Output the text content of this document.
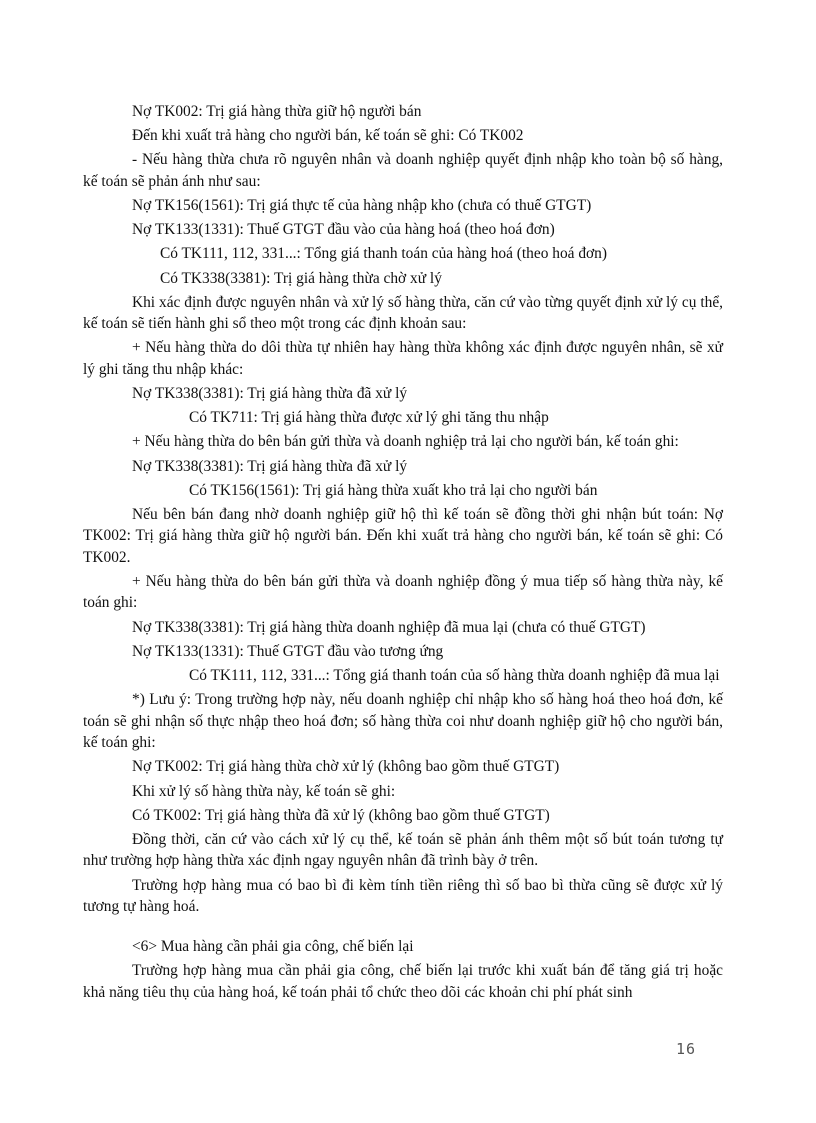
Nợ TK002: Trị giá hàng thừa giữ hộ người bán

Đến khi xuất trả hàng cho người bán, kế toán sẽ ghi: Có TK002

- Nếu hàng thừa chưa rõ nguyên nhân và doanh nghiệp quyết định nhập kho toàn bộ số hàng, kế toán sẽ phản ánh như sau:

Nợ TK156(1561): Trị giá thực tế của hàng nhập kho (chưa có thuế GTGT)

Nợ TK133(1331): Thuế GTGT đầu vào của hàng hoá (theo hoá đơn)

Có TK111, 112, 331...: Tổng giá thanh toán của hàng hoá (theo hoá đơn)

Có TK338(3381): Trị giá hàng thừa chờ xử lý

Khi xác định được nguyên nhân và xử lý số hàng thừa, căn cứ vào từng quyết định xử lý cụ thể, kế toán sẽ tiến hành ghi sổ theo một trong các định khoản sau:

+ Nếu hàng thừa do dôi thừa tự nhiên hay hàng thừa không xác định được nguyên nhân, sẽ xử lý ghi tăng thu nhập khác:

Nợ TK338(3381): Trị giá hàng thừa đã xử lý

Có TK711: Trị giá hàng thừa được xử lý ghi tăng thu nhập

+ Nếu hàng thừa do bên bán gửi thừa và doanh nghiệp trả lại cho người bán, kế toán ghi:

Nợ TK338(3381): Trị giá hàng thừa đã xử lý

Có TK156(1561): Trị giá hàng thừa xuất kho trả lại cho người bán

Nếu bên bán đang nhờ doanh nghiệp giữ hộ thì kế toán sẽ đồng thời ghi nhận bút toán: Nợ TK002: Trị giá hàng thừa giữ hộ người bán. Đến khi xuất trả hàng cho người bán, kế toán sẽ ghi: Có TK002.

+ Nếu hàng thừa do bên bán gửi thừa và doanh nghiệp đồng ý mua tiếp số hàng thừa này, kế toán ghi:

Nợ TK338(3381): Trị giá hàng thừa doanh nghiệp đã mua lại (chưa có thuế GTGT)

Nợ TK133(1331): Thuế GTGT đầu vào tương ứng

Có TK111, 112, 331...: Tổng giá thanh toán của số hàng thừa doanh nghiệp đã mua lại

*) Lưu ý: Trong trường hợp này, nếu doanh nghiệp chỉ nhập kho số hàng hoá theo hoá đơn, kế toán sẽ ghi nhận số thực nhập theo hoá đơn; số hàng thừa coi như doanh nghiệp giữ hộ cho người bán, kế toán ghi:

Nợ TK002: Trị giá hàng thừa chờ xử lý (không bao gồm thuế GTGT)

Khi xử lý số hàng thừa này, kế toán sẽ ghi:

Có TK002: Trị giá hàng thừa đã xử lý (không bao gồm thuế GTGT)

Đồng thời, căn cứ vào cách xử lý cụ thể, kế toán sẽ phản ánh thêm một số bút toán tương tự như trường hợp hàng thừa xác định ngay nguyên nhân đã trình bày ở trên.

Trường hợp hàng mua có bao bì đi kèm tính tiền riêng thì số bao bì thừa cũng sẽ được xử lý tương tự hàng hoá.

<6> Mua hàng cần phải gia công, chế biến lại

Trường hợp hàng mua cần phải gia công, chế biến lại trước khi xuất bán để tăng giá trị hoặc khả năng tiêu thụ của hàng hoá, kế toán phải tổ chức theo dõi các khoản chi phí phát sinh

16
